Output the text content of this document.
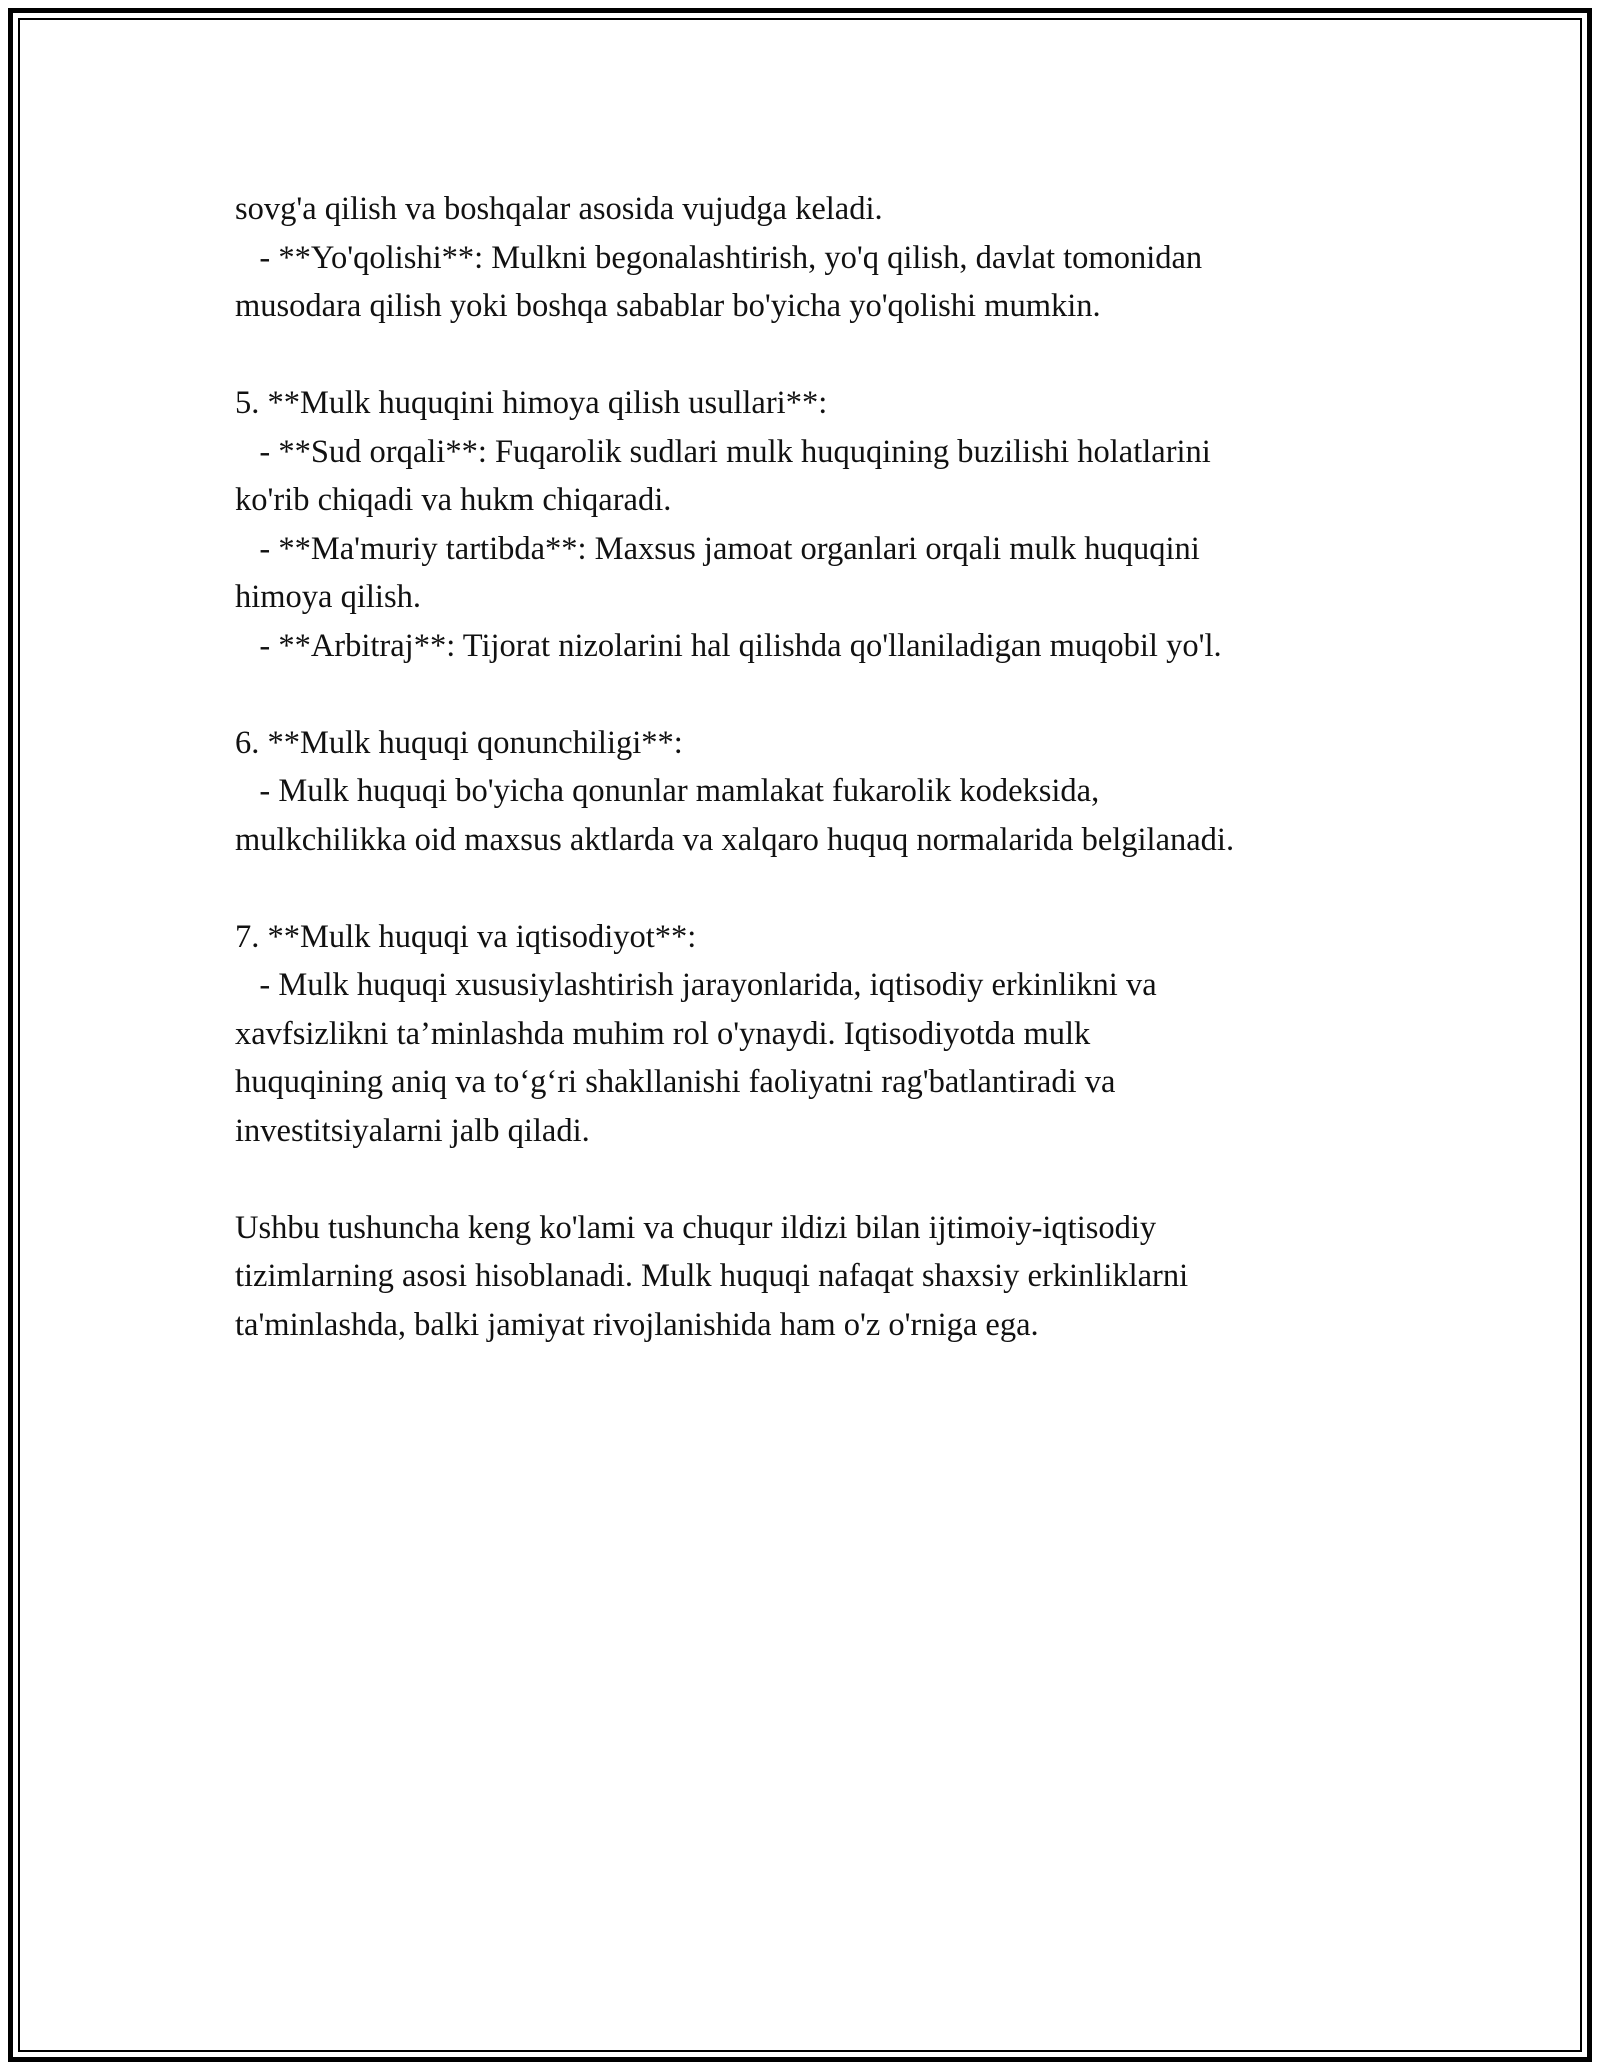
sovg'a qilish va boshqalar asosida vujudga keladi.
- **Yo'qolishi**: Mulkni begonalashtirish, yo'q qilish, davlat tomonidan
musodara qilish yoki boshqa sabablar bo'yicha yo'qolishi mumkin.
5. **Mulk huquqini himoya qilish usullari**:
- **Sud orqali**: Fuqarolik sudlari mulk huquqining buzilishi holatlarini
ko'rib chiqadi va hukm chiqaradi.
- **Ma'muriy tartibda**: Maxsus jamoat organlari orqali mulk huquqini
himoya qilish.
- **Arbitraj**: Tijorat nizolarini hal qilishda qo'llaniladigan muqobil yo'l.
6. **Mulk huquqi qonunchiligi**:
- Mulk huquqi bo'yicha qonunlar mamlakat fukarolik kodeksida,
mulkchilikka oid maxsus aktlarda va xalqaro huquq normalarida belgilanadi.
7. **Mulk huquqi va iqtisodiyot**:
- Mulk huquqi xususiylashtirish jarayonlarida, iqtisodiy erkinlikni va
xavfsizlikni ta’minlashda muhim rol o'ynaydi. Iqtisodiyotda mulk
huquqining aniq va to‘g‘ri shakllanishi faoliyatni rag'batlantiradi va
investitsiyalarni jalb qiladi.
Ushbu tushuncha keng ko'lami va chuqur ildizi bilan ijtimoiy-iqtisodiy
tizimlarning asosi hisoblanadi. Mulk huquqi nafaqat shaxsiy erkinliklarni
ta'minlashda, balki jamiyat rivojlanishida ham o'z o'rniga ega.
